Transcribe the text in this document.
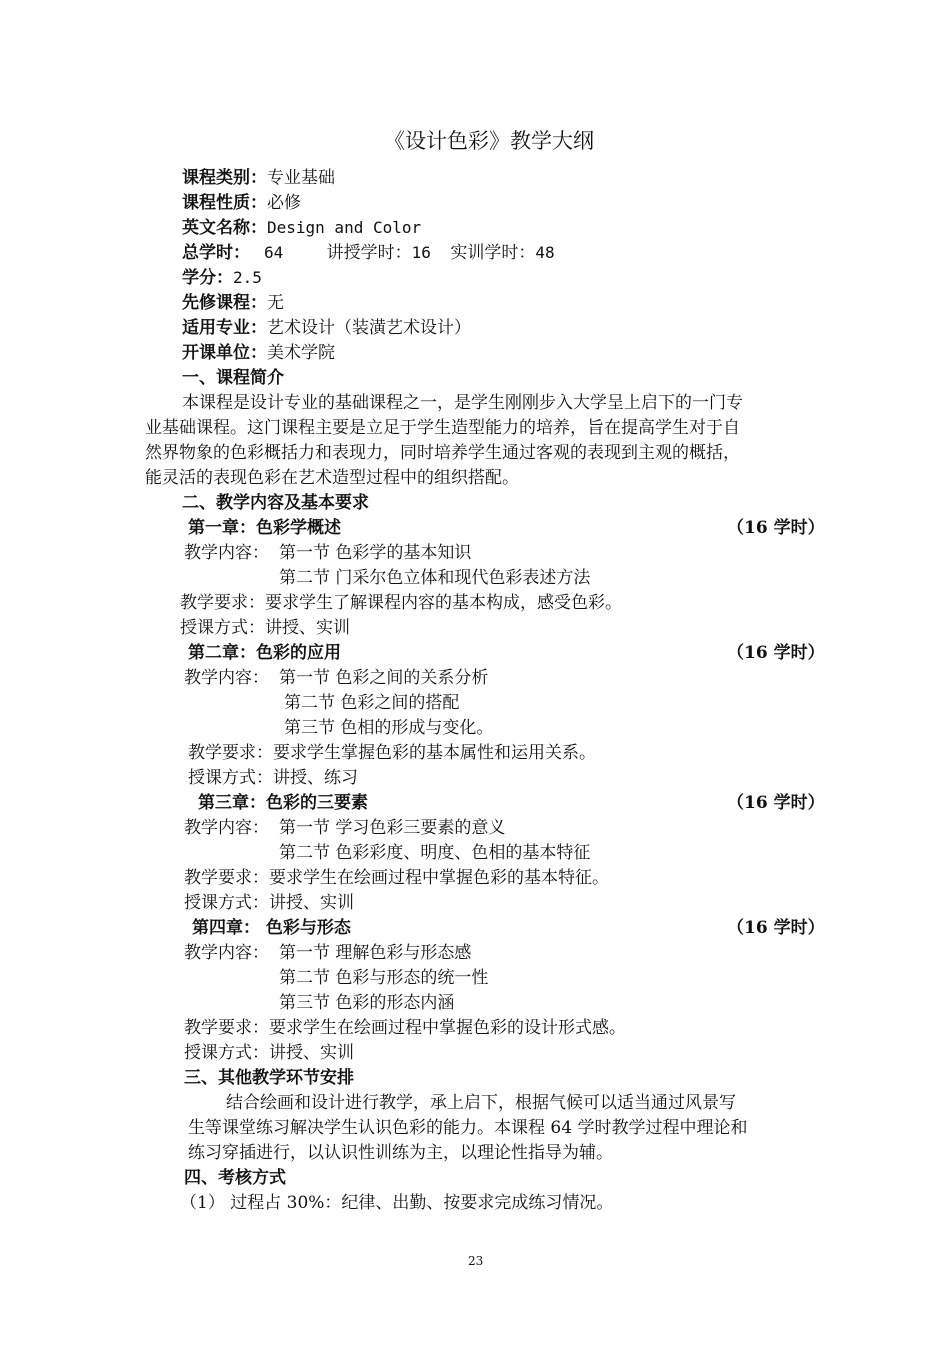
《设计色彩》教学大纲
课程类别：专业基础
课程性质：必修
英文名称：Design and Color
总学时： 64	讲授学时：16 实训学时：48
学分：2.5
先修课程：无
适用专业：艺术设计（装潢艺术设计）
开课单位：美术学院
一、课程简介
本课程是设计专业的基础课程之一，是学生刚刚步入大学呈上启下的一门专
业基础课程。这门课程主要是立足于学生造型能力的培养，旨在提高学生对于自
然界物象的色彩概括力和表现力，同时培养学生通过客观的表现到主观的概括，
能灵活的表现色彩在艺术造型过程中的组织搭配。
二、教学内容及基本要求
第一章：色彩学概述	（16 学时）
教学内容： 第一节 色彩学的基本知识
第二节 门采尔色立体和现代色彩表述方法
教学要求：要求学生了解课程内容的基本构成，感受色彩。
授课方式：讲授、实训
第二章：色彩的应用	（16 学时）
教学内容： 第一节 色彩之间的关系分析
第二节 色彩之间的搭配
第三节 色相的形成与变化。
教学要求：要求学生掌握色彩的基本属性和运用关系。
授课方式：讲授、练习
第三章：色彩的三要素	（16 学时）
教学内容： 第一节 学习色彩三要素的意义
第二节 色彩彩度、明度、色相的基本特征
教学要求：要求学生在绘画过程中掌握色彩的基本特征。
授课方式：讲授、实训
第四章： 色彩与形态	（16 学时）
教学内容： 第一节 理解色彩与形态感
第二节 色彩与形态的统一性
第三节 色彩的形态内涵
教学要求：要求学生在绘画过程中掌握色彩的设计形式感。
授课方式：讲授、实训
三、其他教学环节安排
结合绘画和设计进行教学，承上启下，根据气候可以适当通过风景写
生等课堂练习解决学生认识色彩的能力。本课程 64 学时教学过程中理论和
练习穿插进行，以认识性训练为主，以理论性指导为辅。
四、考核方式
（1） 过程占 30%：纪律、出勤、按要求完成练习情况。
23
